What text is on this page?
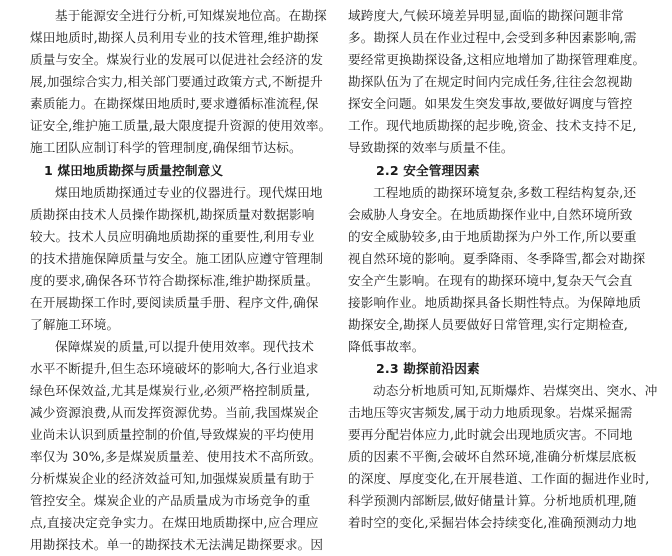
基于能源安全进行分析,可知煤炭地位高。在勘探
煤田地质时,勘探人员利用专业的技术管理,维护勘探
质量与安全。煤炭行业的发展可以促进社会经济的发
展,加强综合实力,相关部门要通过政策方式,不断提升
素质能力。在勘探煤田地质时,要求遵循标准流程,保
证安全,维护施工质量,最大限度提升资源的使用效率。
施工团队应制订科学的管理制度,确保细节达标。
1 煤田地质勘探与质量控制意义
煤田地质勘探通过专业的仪器进行。现代煤田地
质勘探由技术人员操作勘探机,勘探质量对数据影响
较大。技术人员应明确地质勘探的重要性,利用专业
的技术措施保障质量与安全。施工团队应遵守管理制
度的要求,确保各环节符合勘探标准,维护勘探质量。
在开展勘探工作时,要阅读质量手册、程序文件,确保
了解施工环境。
保障煤炭的质量,可以提升使用效率。现代技术
水平不断提升,但生态环境破坏的影响大,各行业追求
绿色环保效益,尤其是煤炭行业,必须严格控制质量,
减少资源浪费,从而发挥资源优势。当前,我国煤炭企
业尚未认识到质量控制的价值,导致煤炭的平均使用
率仅为 30%,多是煤炭质量差、使用技术不高所致。
分析煤炭企业的经济效益可知,加强煤炭质量有助于
管控安全。煤炭企业的产品质量成为市场竞争的重
点,直接决定竞争实力。在煤田地质勘探中,应合理应
用勘探技术。单一的勘探技术无法满足勘探要求。因
域跨度大,气候环境差异明显,面临的勘探问题非常
多。勘探人员在作业过程中,会受到多种因素影响,需
要经常更换勘探设备,这相应地增加了勘探管理难度。
勘探队伍为了在规定时间内完成任务,往往会忽视勘
探安全问题。如果发生突发事故,要做好调度与管控
工作。现代地质勘探的起步晚,资金、技术支持不足,
导致勘探的效率与质量不佳。
2.2 安全管理因素
工程地质的勘探环境复杂,多数工程结构复杂,还
会威胁人身安全。在地质勘探作业中,自然环境所致
的安全威胁较多,由于地质勘探为户外工作,所以要重
视自然环境的影响。夏季降雨、冬季降雪,都会对勘探
安全产生影响。在现有的勘探环境中,复杂天气会直
接影响作业。地质勘探具备长期性特点。为保障地质
勘探安全,勘探人员要做好日常管理,实行定期检查,
降低事故率。
2.3 勘探前沿因素
动态分析地质可知,瓦斯爆炸、岩煤突出、突水、冲
击地压等灾害频发,属于动力地质现象。岩煤采掘需
要再分配岩体应力,此时就会出现地质灾害。不同地
质的因素不平衡,会破坏自然环境,准确分析煤层底板
的深度、厚度变化,在开展巷道、工作面的掘进作业时,
科学预测内部断层,做好储量计算。分析地质机理,随
着时空的变化,采掘岩体会持续变化,准确预测动力地
